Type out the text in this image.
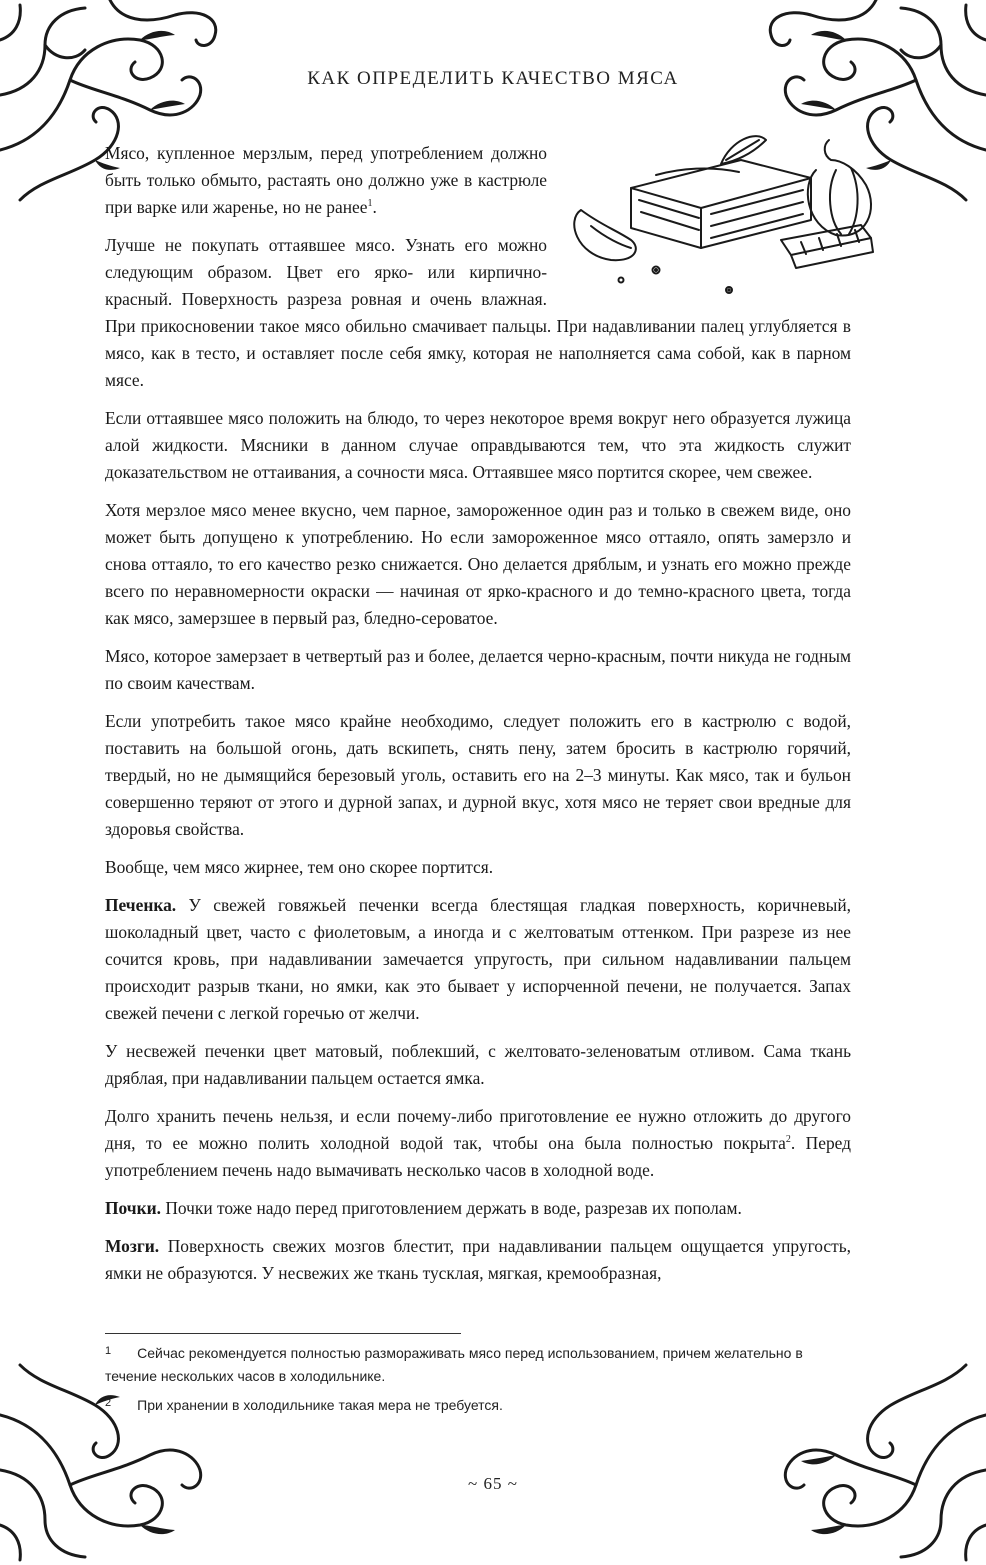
КАК ОПРЕДЕЛИТЬ КАЧЕСТВО МЯСА

Мясо, купленное мерзлым, перед употреблением должно быть только обмыто, растаять оно должно уже в кастрюле при варке или жаренье, но не ранее$^1$.

Лучше не покупать оттаявшее мясо. Узнать его можно следующим образом. Цвет его ярко- или кирпично-красный. Поверхность разреза ровная и очень влажная. При прикосновении такое мясо обильно смачивает пальцы. При надавливании палец углубляется в мясо, как в тесто, и оставляет после себя ямку, которая не наполняется сама собой, как в парном мясе.

Если оттаявшее мясо положить на блюдо, то через некоторое время вокруг него образуется лужица алой жидкости. Мясники в данном случае оправдываются тем, что эта жидкость служит доказательством не оттаивания, а сочности мяса. Оттаявшее мясо портится скорее, чем свежее.

Хотя мерзлое мясо менее вкусно, чем парное, замороженное один раз и только в свежем виде, оно может быть допущено к употреблению. Но если замороженное мясо оттаяло, опять замерзло и снова оттаяло, то его качество резко снижается. Оно делается дряблым, и узнать его можно прежде всего по неравномерности окраски — начиная от ярко-красного и до темно-красного цвета, тогда как мясо, замерзшее в первый раз, бледно-сероватое.

Мясо, которое замерзает в четвертый раз и более, делается черно-красным, почти никуда не годным по своим качествам.

Если употребить такое мясо крайне необходимо, следует положить его в кастрюлю с водой, поставить на большой огонь, дать вскипеть, снять пену, затем бросить в кастрюлю горячий, твердый, но не дымящийся березовый уголь, оставить его на 2–3 минуты. Как мясо, так и бульон совершенно теряют от этого и дурной запах, и дурной вкус, хотя мясо не теряет свои вредные для здоровья свойства.

Вообще, чем мясо жирнее, тем оно скорее портится.

Печенка. У свежей говяжьей печенки всегда блестящая гладкая поверхность, коричневый, шоколадный цвет, часто с фиолетовым, а иногда и с желтоватым оттенком. При разрезе из нее сочится кровь, при надавливании замечается упругость, при сильном надавливании пальцем происходит разрыв ткани, но ямки, как это бывает у испорченной печени, не получается. Запах свежей печени с легкой горечью от желчи.

У несвежей печенки цвет матовый, поблекший, с желтовато-зеленоватым отливом. Сама ткань дряблая, при надавливании пальцем остается ямка.

Долго хранить печень нельзя, и если почему-либо приготовление ее нужно отложить до другого дня, то ее можно полить холодной водой так, чтобы она была полностью покрыта$^2$. Перед употреблением печень надо вымачивать несколько часов в холодной воде.

Почки. Почки тоже надо перед приготовлением держать в воде, разрезав их пополам.

Мозги. Поверхность свежих мозгов блестит, при надавливании пальцем ощущается упругость, ямки не образуются. У несвежих же ткань тусклая, мягкая, кремообразная,

$^1$ Сейчас рекомендуется полностью размораживать мясо перед использованием, причем желательно в течение нескольких часов в холодильнике.
$^2$ При хранении в холодильнике такая мера не требуется.
~ 65 ~
